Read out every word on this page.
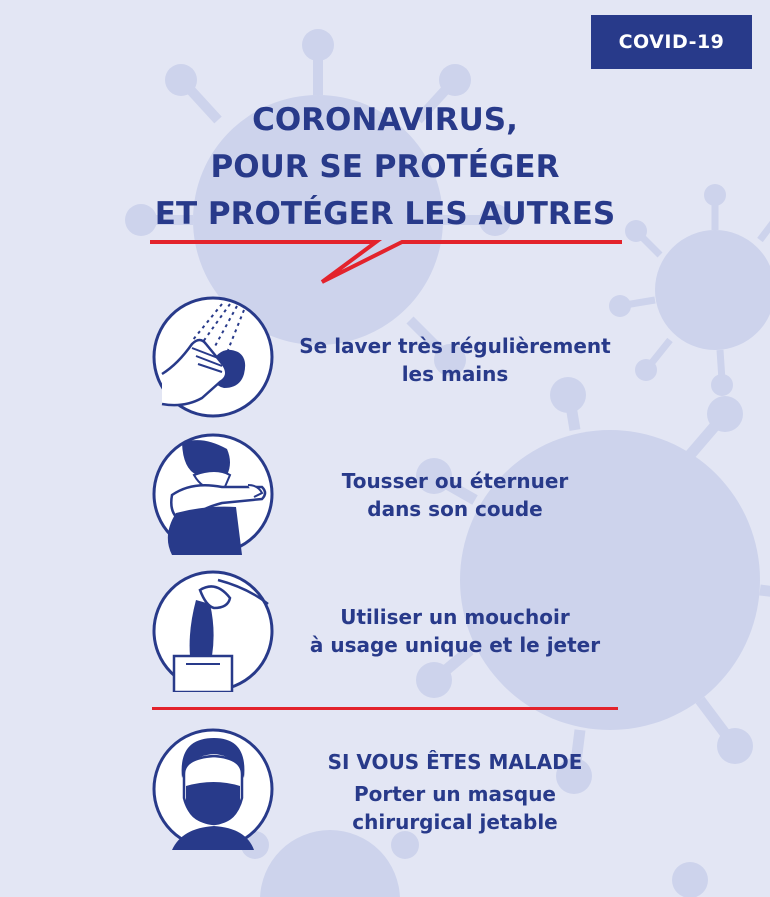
COVID-19
CORONAVIRUS,
POUR SE PROTÉGER
ET PROTÉGER LES AUTRES
Se laver très régulièrement
les mains
Tousser ou éternuer
dans son coude
Utiliser un mouchoir
à usage unique et le jeter
SI VOUS ÊTES MALADE
Porter un masque
chirurgical jetable
